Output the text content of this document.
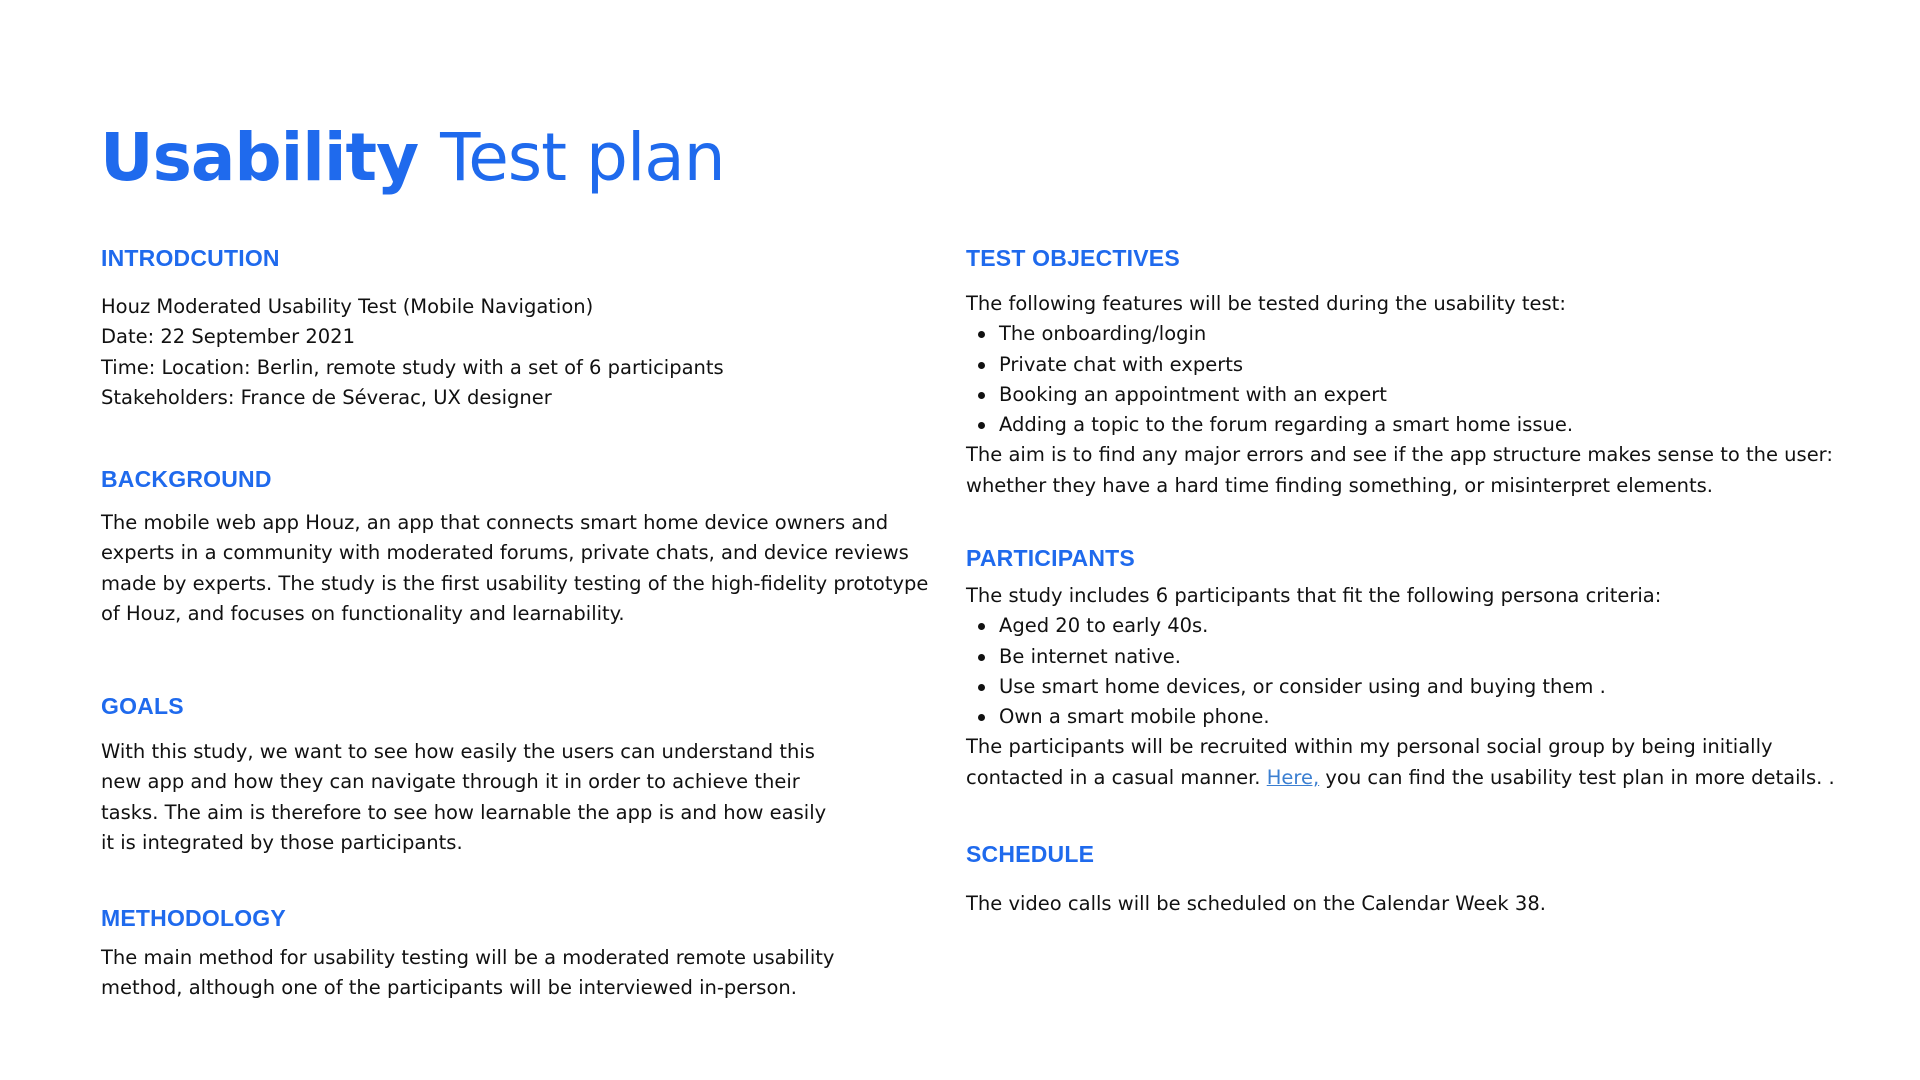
Usability Test plan
INTRODCUTION
Houz Moderated Usability Test (Mobile Navigation)
Date: 22 September 2021
Time: Location: Berlin, remote study with a set of 6 participants
Stakeholders: France de Séverac, UX designer
BACKGROUND
The mobile web app Houz, an app that connects smart home device owners and
experts in a community with moderated forums, private chats, and device reviews
made by experts. The study is the first usability testing of the high-fidelity prototype
of Houz, and focuses on functionality and learnability.
GOALS
With this study, we want to see how easily the users can understand this
new app and how they can navigate through it in order to achieve their
tasks. The aim is therefore to see how learnable the app is and how easily
it is integrated by those participants.
METHODOLOGY
The main method for usability testing will be a moderated remote usability
method, although one of the participants will be interviewed in-person.
TEST OBJECTIVES
The following features will be tested during the usability test:
The onboarding/login
Private chat with experts
Booking an appointment with an expert
Adding a topic to the forum regarding a smart home issue.
The aim is to find any major errors and see if the app structure makes sense to the user:
whether they have a hard time finding something, or misinterpret elements.
PARTICIPANTS
The study includes 6 participants that fit the following persona criteria:
Aged 20 to early 40s.
Be internet native.
Use smart home devices, or consider using and buying them .
Own a smart mobile phone.
The participants will be recruited within my personal social group by being initially
contacted in a casual manner. Here, you can find the usability test plan in more details. .
SCHEDULE
The video calls will be scheduled on the Calendar Week 38.
